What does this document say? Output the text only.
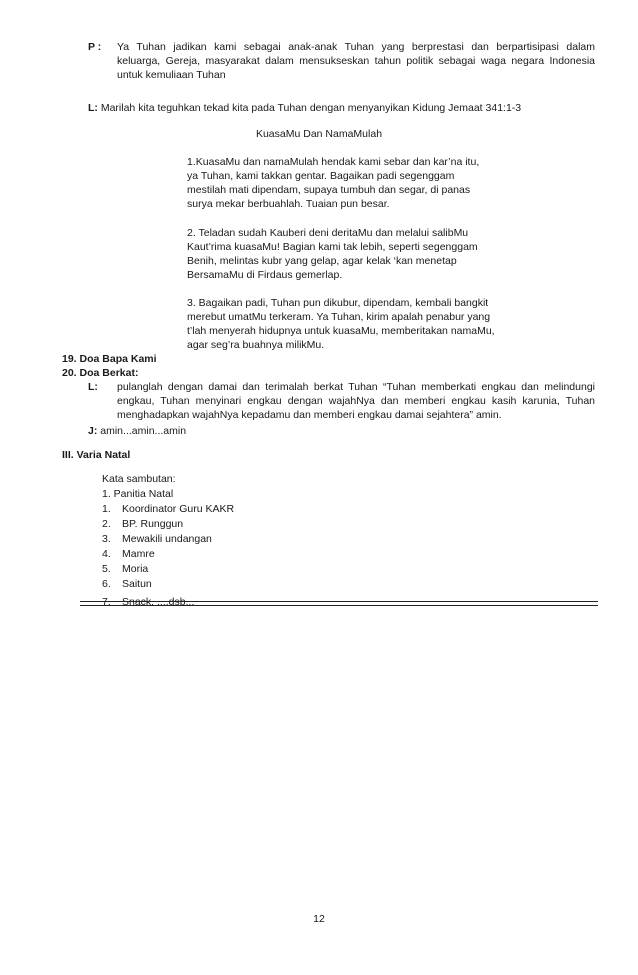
P :	Ya Tuhan jadikan kami sebagai anak-anak Tuhan yang berprestasi dan berpartisipasi dalam
keluarga, Gereja, masyarakat dalam mensukseskan tahun politik sebagai waga negara Indonesia
untuk kemuliaan Tuhan
L: Marilah kita teguhkan tekad kita pada Tuhan dengan menyanyikan Kidung Jemaat 341:1-3
KuasaMu Dan NamaMulah
1.KuasaMu dan namaMulah hendak kami sebar dan kar’na itu,
ya Tuhan, kami takkan gentar. Bagaikan padi segenggam
mestilah mati dipendam, supaya tumbuh dan segar, di panas
surya mekar berbuahlah. Tuaian pun besar.
2. Teladan sudah Kauberi deni deritaMu dan melalui salibMu
Kaut’rima kuasaMu! Bagian kami tak lebih, seperti segenggam
Benih, melintas kubr yang gelap, agar kelak ‘kan menetap
BersamaMu di Firdaus gemerlap.
3. Bagaikan padi, Tuhan pun dikubur, dipendam, kembali bangkit
merebut umatMu terkeram. Ya Tuhan, kirim apalah penabur yang
t’lah menyerah hidupnya untuk kuasaMu, memberitakan namaMu,
agar seg’ra buahnya milikMu.
19. Doa Bapa Kami
20. Doa Berkat:
L: pulanglah dengan damai dan terimalah berkat Tuhan “Tuhan memberkati engkau dan melindungi
engkau, Tuhan menyinari engkau dengan wajahNya dan memberi engkau kasih karunia, Tuhan
menghadapkan wajahNya kepadamu dan memberi engkau damai sejahtera” amin.
J: amin...amin...amin
III. Varia Natal
Kata sambutan:
1. Panitia Natal
1.	Koordinator Guru KAKR
2.	BP. Runggun
3.	Mewakili undangan
4.	Mamre
5.	Moria
6.	Saitun
7.	Snack. ....dsb...
12
